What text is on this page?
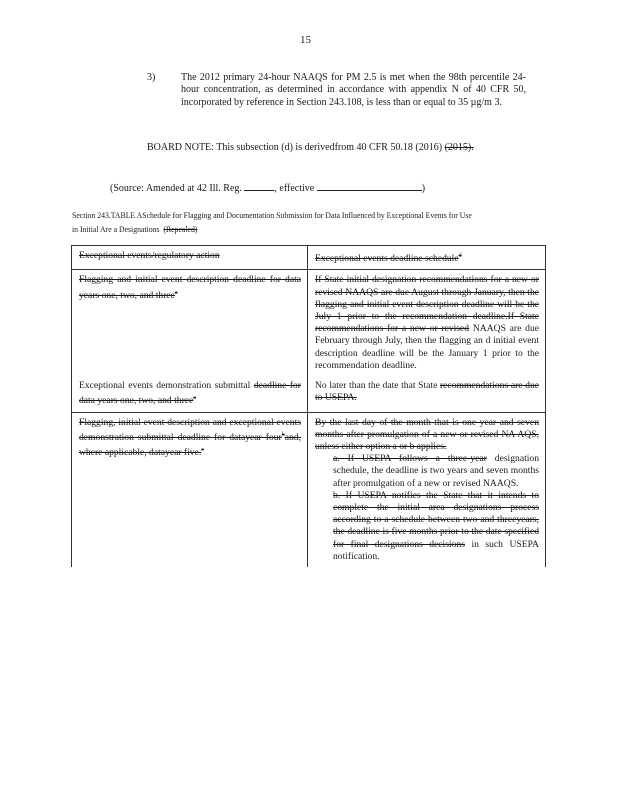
15
3)	The 2012 primary 24-hour NAAQS for PM 2.5 is met when the 98th percentile 24-hour concentration, as determined in accordance with appendix N of 40 CFR 50, incorporated by reference in Section 243.108, is less than or equal to 35 µg/m 3.
BOARD NOTE: This subsection (d) is derivedfrom 40 CFR 50.18 (2016) (2015).
(Source: Amended at 42 Ill. Reg.	, effective	)
Section 243.TABLE ASchedule for Flagging and Documentation Submission for Data Influenced by Exceptional Events for Use in Initial Are a Designations (Repealed)
Exceptional events/regulatory action	Exceptional events deadline schedule$^d$
Flagging and initial event description deadline for data years one, two, and three$^a$	If State initial designation recommendations for a new or revised NAAQS are due August through January, then the flagging and initial event description deadline will be the July 1 prior to the recommendation deadline.If State recommendations for a new or revised NAAQS are due February through July, then the flagging an d initial event description deadline will be the January 1 prior to the recommendation deadline.
Exceptional events demonstration submittal deadline for data years one, two, and three$^a$	No later than the date that State recommendations are due to USEPA.
Flagging, initial event description and exceptional events demonstration submittal deadline for datayear four$^b$and, where applicable, datayear five.$^c$	By the last day of the month that is one year and seven months after promulgation of a new or revised NA AQS, unless either option a or b applies.
a. If USEPA follows a three-year designation schedule, the deadline is two years and seven months after promulgation of a new or revised NAAQS.
b. If USEPA notifies the State that it intends to complete the initial area designations process according to a schedule between two and threeyears, the deadline is five months prior to the date specified for final designations decisions in such USEPA notification.
